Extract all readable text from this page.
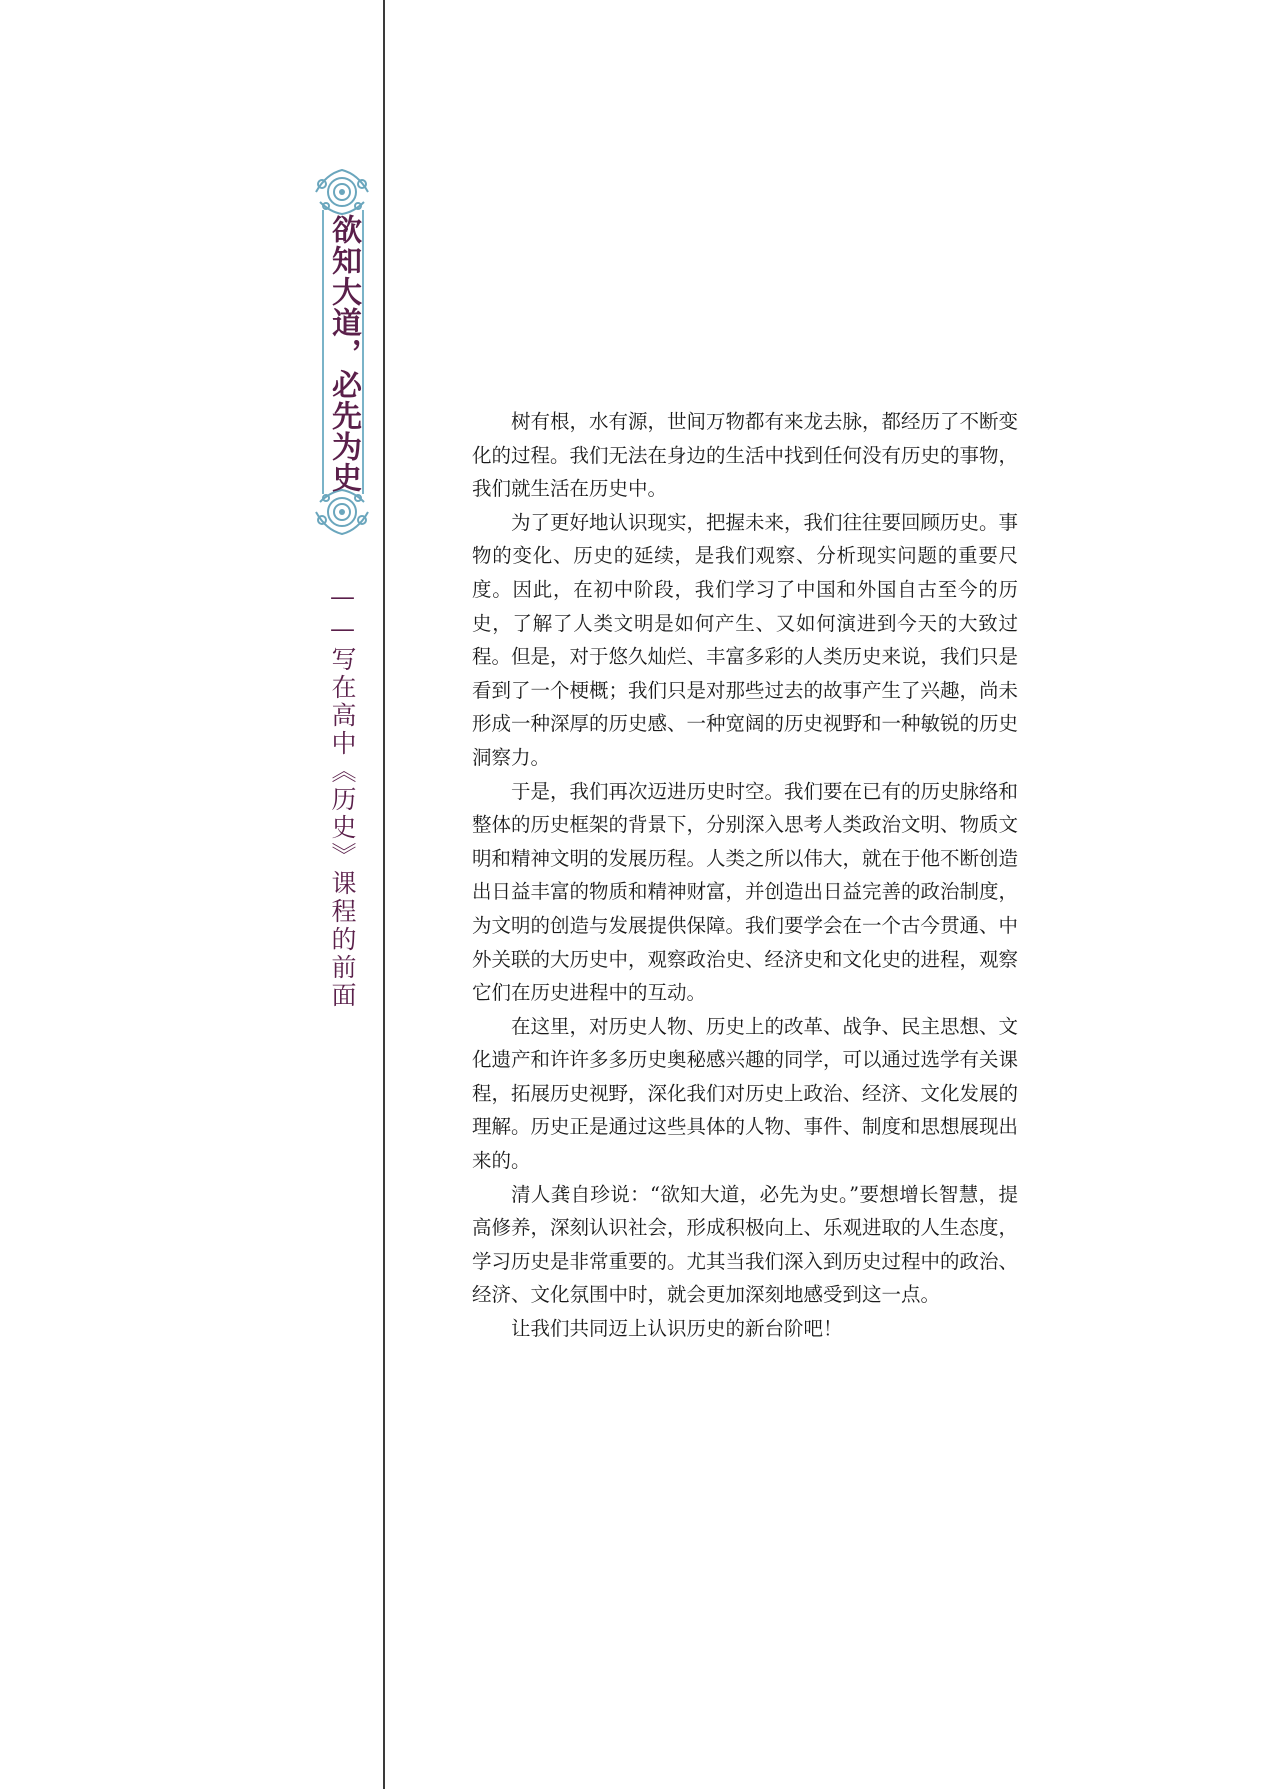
欲知大道，必先为史
——写在高中《历史》课程的前面

树有根，水有源，世间万物都有来龙去脉，都经历了不断变化的过程。我们无法在身边的生活中找到任何没有历史的事物，我们就生活在历史中。

为了更好地认识现实，把握未来，我们往往要回顾历史。事物的变化、历史的延续，是我们观察、分析现实问题的重要尺度。因此，在初中阶段，我们学习了中国和外国自古至今的历史，了解了人类文明是如何产生、又如何演进到今天的大致过程。但是，对于悠久灿烂、丰富多彩的人类历史来说，我们只是看到了一个梗概；我们只是对那些过去的故事产生了兴趣，尚未形成一种深厚的历史感、一种宽阔的历史视野和一种敏锐的历史洞察力。

于是，我们再次迈进历史时空。我们要在已有的历史脉络和整体的历史框架的背景下，分别深入思考人类政治文明、物质文明和精神文明的发展历程。人类之所以伟大，就在于他不断创造出日益丰富的物质和精神财富，并创造出日益完善的政治制度，为文明的创造与发展提供保障。我们要学会在一个古今贯通、中外关联的大历史中，观察政治史、经济史和文化史的进程，观察它们在历史进程中的互动。

在这里，对历史人物、历史上的改革、战争、民主思想、文化遗产和许许多多历史奥秘感兴趣的同学，可以通过选学有关课程，拓展历史视野，深化我们对历史上政治、经济、文化发展的理解。历史正是通过这些具体的人物、事件、制度和思想展现出来的。

清人龚自珍说：“欲知大道，必先为史。”要想增长智慧，提高修养，深刻认识社会，形成积极向上、乐观进取的人生态度，学习历史是非常重要的。尤其当我们深入到历史过程中的政治、经济、文化氛围中时，就会更加深刻地感受到这一点。

让我们共同迈上认识历史的新台阶吧！
